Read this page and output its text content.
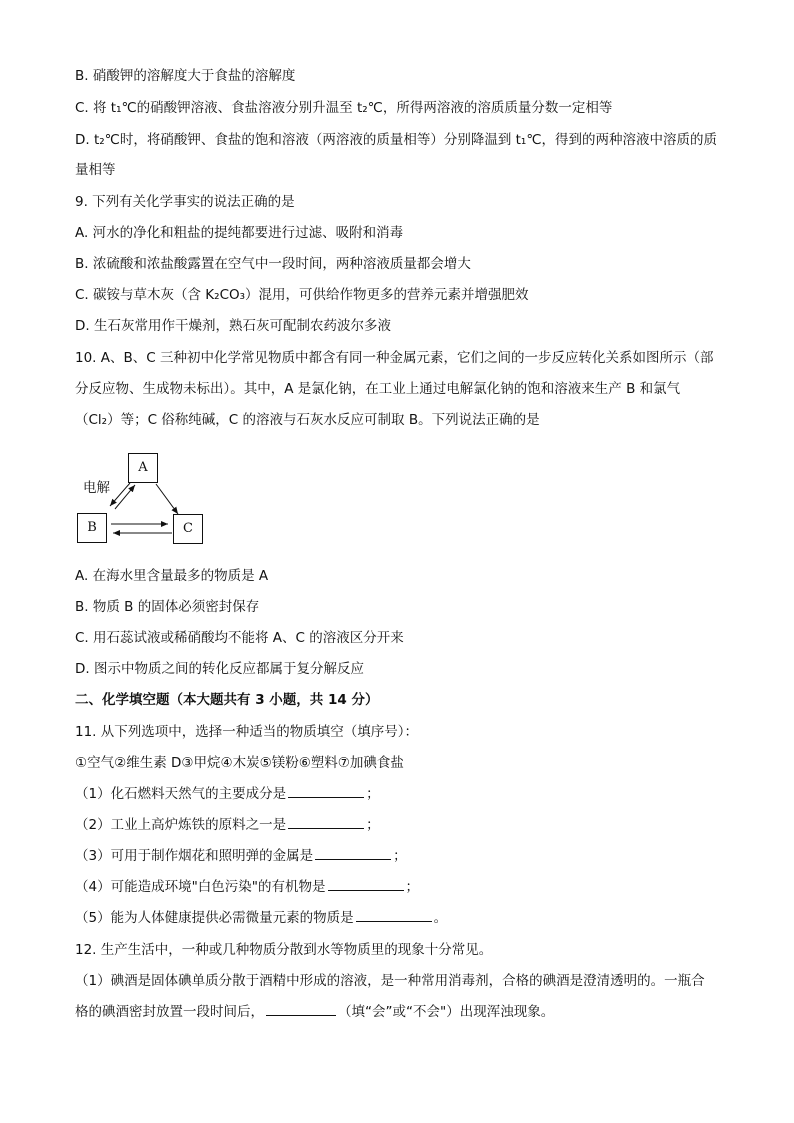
B. 硝酸钾的溶解度大于食盐的溶解度
C. 将 t₁℃的硝酸钾溶液、食盐溶液分别升温至 t₂℃，所得两溶液的溶质质量分数一定相等
D. t₂℃时，将硝酸钾、食盐的饱和溶液（两溶液的质量相等）分别降温到 t₁℃，得到的两种溶液中溶质的质
量相等
9. 下列有关化学事实的说法正确的是
A. 河水的净化和粗盐的提纯都要进行过滤、吸附和消毒
B. 浓硫酸和浓盐酸露置在空气中一段时间，两种溶液质量都会增大
C. 碳铵与草木灰（含 K₂CO₃）混用，可供给作物更多的营养元素并增强肥效
D. 生石灰常用作干燥剂，熟石灰可配制农药波尔多液
10. A、B、C 三种初中化学常见物质中都含有同一种金属元素，它们之间的一步反应转化关系如图所示（部
分反应物、生成物未标出）。其中，A 是氯化钠，在工业上通过电解氯化钠的饱和溶液来生产 B 和氯气
（Cl₂）等；C 俗称纯碱，C 的溶液与石灰水反应可制取 B。下列说法正确的是
A
B	C
电解
A. 在海水里含量最多的物质是 A
B. 物质 B 的固体必须密封保存
C. 用石蕊试液或稀硝酸均不能将 A、C 的溶液区分开来
D. 图示中物质之间的转化反应都属于复分解反应
二、化学填空题（本大题共有 3 小题，共 14 分）
11. 从下列选项中，选择一种适当的物质填空（填序号）：
①空气②维生素 D③甲烷④木炭⑤镁粉⑥塑料⑦加碘食盐
（1）化石燃料天然气的主要成分是	；
（2）工业上高炉炼铁的原料之一是	；
（3）可用于制作烟花和照明弹的金属是	；
（4）可能造成环境"白色污染"的有机物是	；
（5）能为人体健康提供必需微量元素的物质是	。
12. 生产生活中，一种或几种物质分散到水等物质里的现象十分常见。
（1）碘酒是固体碘单质分散于酒精中形成的溶液，是一种常用消毒剂，合格的碘酒是澄清透明的。一瓶合
格的碘酒密封放置一段时间后，	（填“会”或“不会"）出现浑浊现象。
